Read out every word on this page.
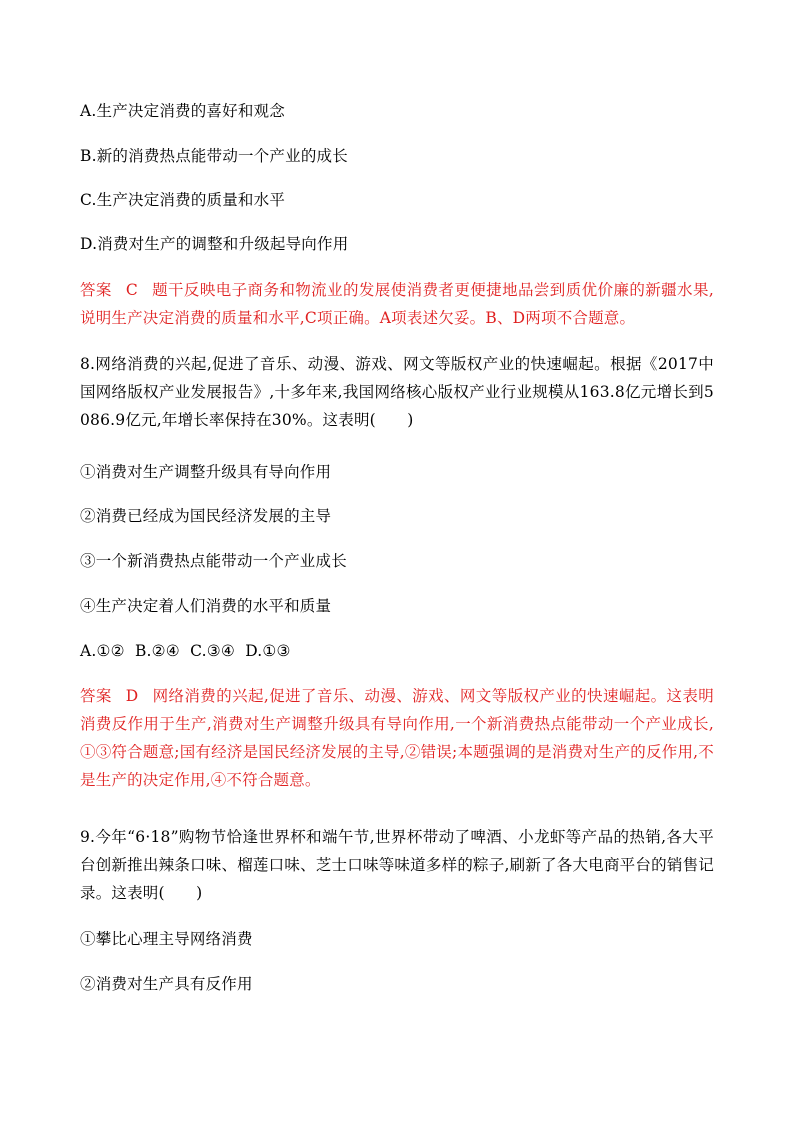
A.生产决定消费的喜好和观念
B.新的消费热点能带动一个产业的成长
C.生产决定消费的质量和水平
D.消费对生产的调整和升级起导向作用
答案 C 题干反映电子商务和物流业的发展使消费者更便捷地品尝到质优价廉的新疆水果,说明生产决定消费的质量和水平,C项正确。A项表述欠妥。B、D两项不合题意。
8.网络消费的兴起,促进了音乐、动漫、游戏、网文等版权产业的快速崛起。根据《2017中国网络版权产业发展报告》,十多年来,我国网络核心版权产业行业规模从163.8亿元增长到5 086.9亿元,年增长率保持在30%。这表明(　　)
①消费对生产调整升级具有导向作用
②消费已经成为国民经济发展的主导
③一个新消费热点能带动一个产业成长
④生产决定着人们消费的水平和质量
A.①②  B.②④  C.③④  D.①③
答案 D 网络消费的兴起,促进了音乐、动漫、游戏、网文等版权产业的快速崛起。这表明消费反作用于生产,消费对生产调整升级具有导向作用,一个新消费热点能带动一个产业成长,①③符合题意;国有经济是国民经济发展的主导,②错误;本题强调的是消费对生产的反作用,不是生产的决定作用,④不符合题意。
9.今年“6·18”购物节恰逢世界杯和端午节,世界杯带动了啤酒、小龙虾等产品的热销,各大平台创新推出辣条口味、榴莲口味、芝士口味等味道多样的粽子,刷新了各大电商平台的销售记录。这表明(　　)
①攀比心理主导网络消费
②消费对生产具有反作用
